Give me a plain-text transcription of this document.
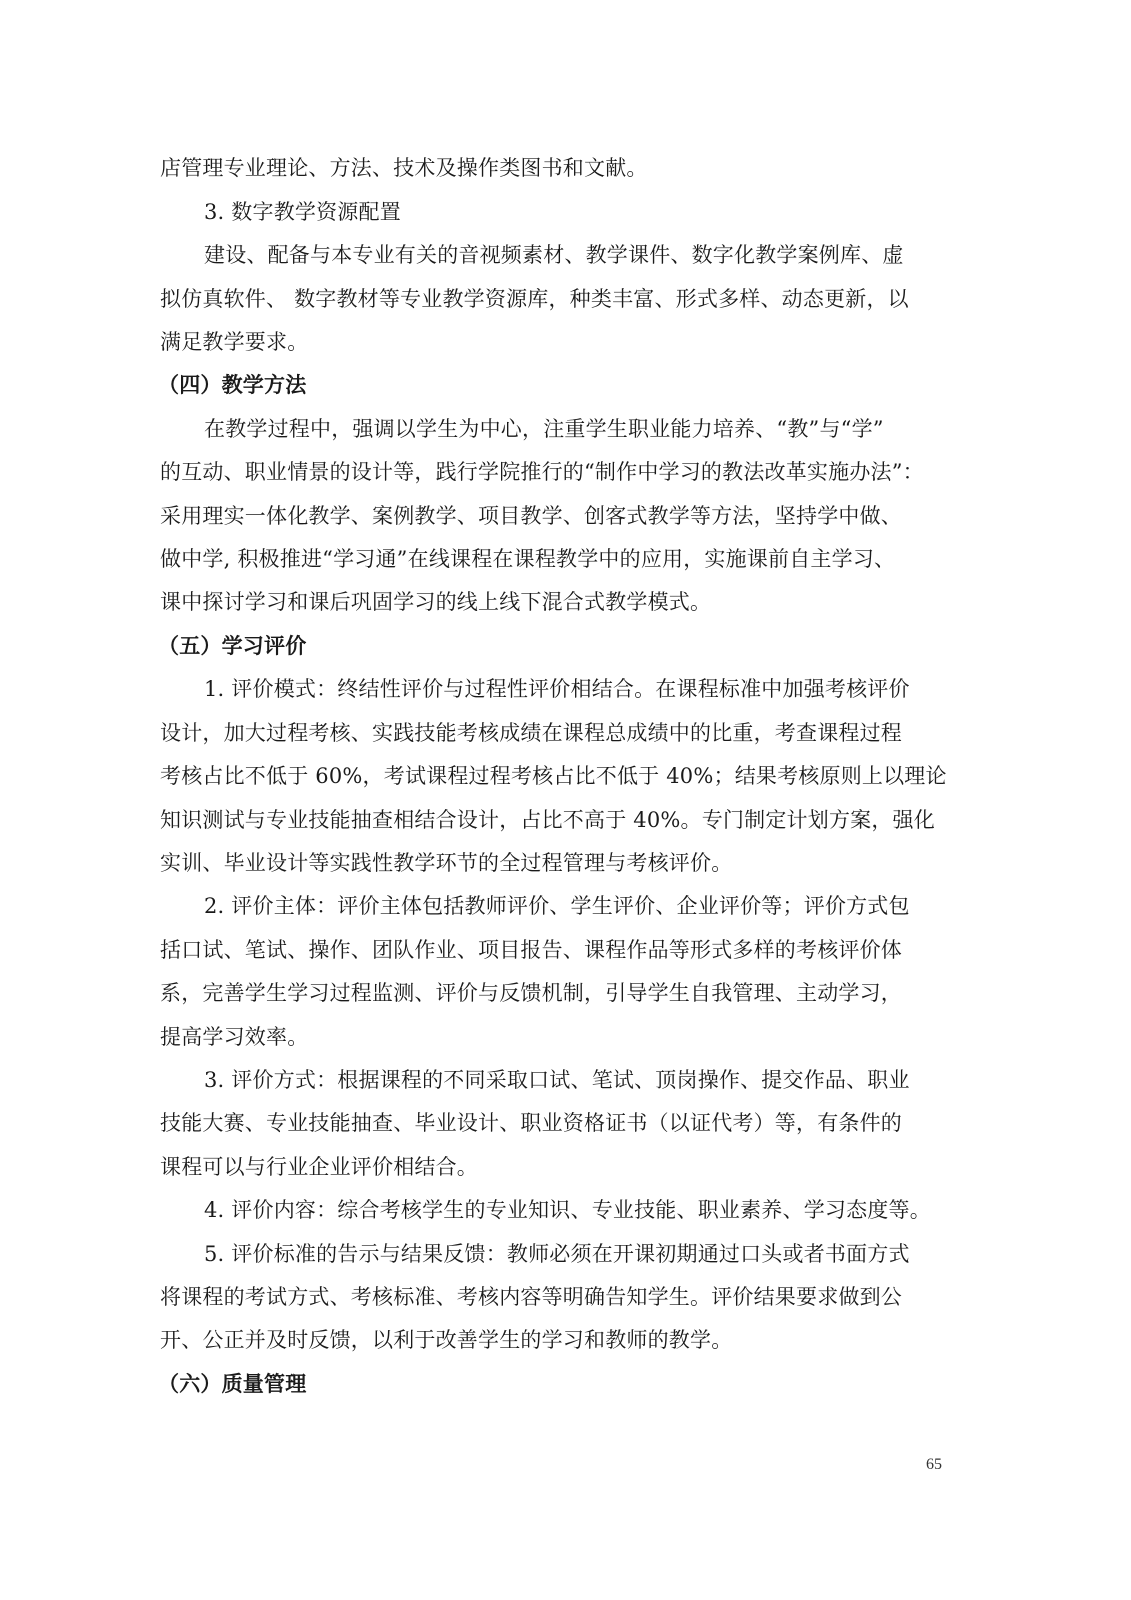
店管理专业理论、方法、技术及操作类图书和文献。
3. 数字教学资源配置
建设、配备与本专业有关的音视频素材、教学课件、数字化教学案例库、虚
拟仿真软件、 数字教材等专业教学资源库，种类丰富、形式多样、动态更新，以
满足教学要求。
（四）教学方法
在教学过程中，强调以学生为中心，注重学生职业能力培养、“教”与“学”
的互动、职业情景的设计等，践行学院推行的“制作中学习的教法改革实施办法”：
采用理实一体化教学、案例教学、项目教学、创客式教学等方法，坚持学中做、
做中学, 积极推进“学习通”在线课程在课程教学中的应用，实施课前自主学习、
课中探讨学习和课后巩固学习的线上线下混合式教学模式。
（五）学习评价
1. 评价模式：终结性评价与过程性评价相结合。在课程标准中加强考核评价
设计，加大过程考核、实践技能考核成绩在课程总成绩中的比重，考查课程过程
考核占比不低于 60%，考试课程过程考核占比不低于 40%；结果考核原则上以理论
知识测试与专业技能抽查相结合设计，占比不高于 40%。专门制定计划方案，强化
实训、毕业设计等实践性教学环节的全过程管理与考核评价。
2. 评价主体：评价主体包括教师评价、学生评价、企业评价等；评价方式包
括口试、笔试、操作、团队作业、项目报告、课程作品等形式多样的考核评价体
系，完善学生学习过程监测、评价与反馈机制，引导学生自我管理、主动学习，
提高学习效率。
3. 评价方式：根据课程的不同采取口试、笔试、顶岗操作、提交作品、职业
技能大赛、专业技能抽查、毕业设计、职业资格证书（以证代考）等，有条件的
课程可以与行业企业评价相结合。
4. 评价内容：综合考核学生的专业知识、专业技能、职业素养、学习态度等。
5. 评价标准的告示与结果反馈：教师必须在开课初期通过口头或者书面方式
将课程的考试方式、考核标准、考核内容等明确告知学生。评价结果要求做到公
开、公正并及时反馈，以利于改善学生的学习和教师的教学。
（六）质量管理
65
